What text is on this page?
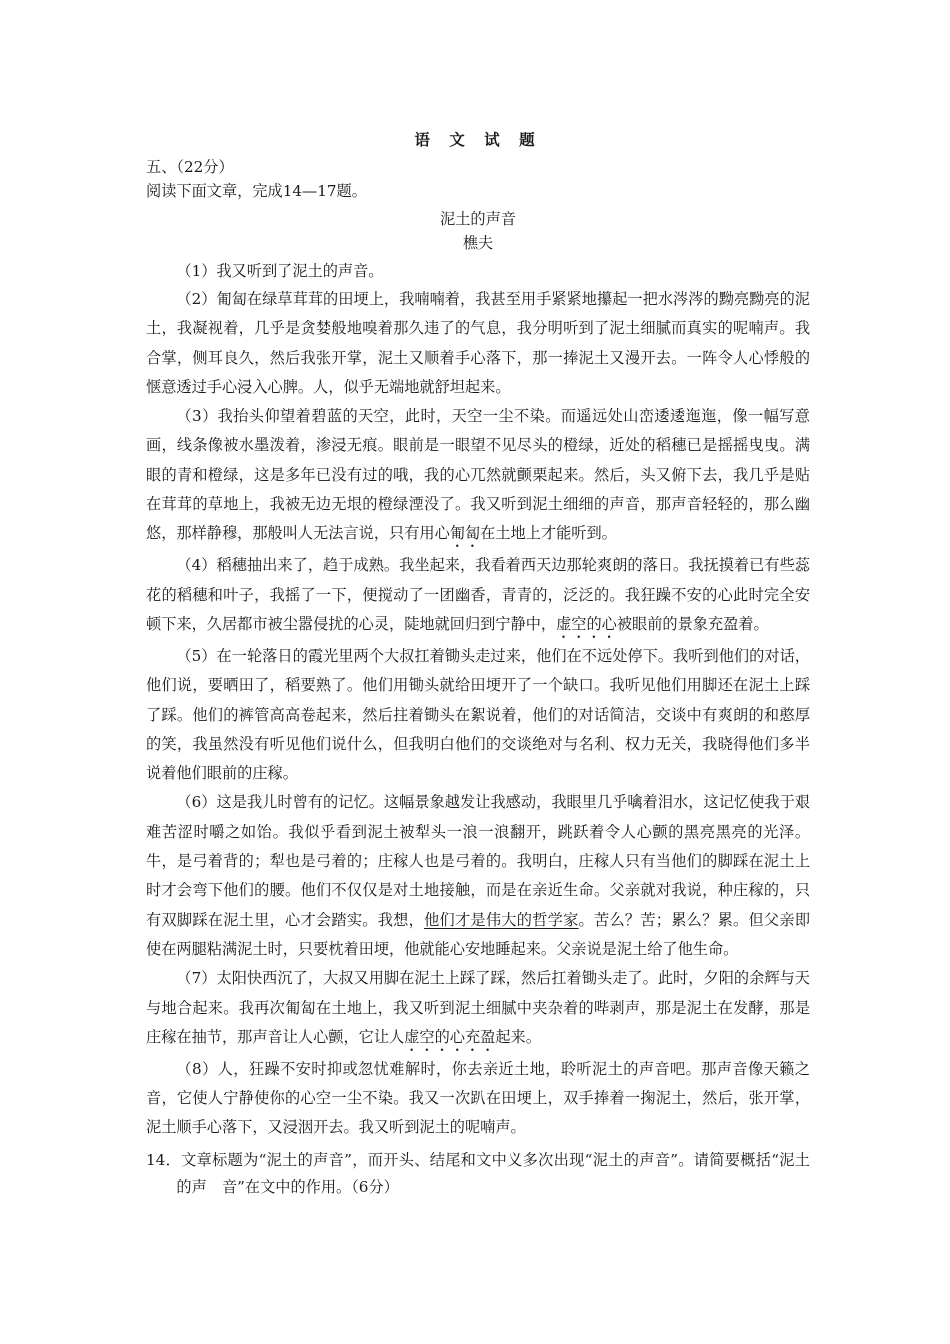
语 文 试 题

五、（22分）

阅读下面文章，完成14—17题。

泥土的声音

樵夫

（1）我又听到了泥土的声音。

（2）匍匐在绿草茸茸的田埂上，我喃喃着，我甚至用手紧紧地攥起一把水涔涔的黝亮黝亮的泥土，我凝视着，几乎是贪婪般地嗅着那久违了的气息，我分明听到了泥土细腻而真实的呢喃声。我合掌，侧耳良久，然后我张开掌，泥土又顺着手心落下，那一捧泥土又漫开去。一阵令人心悸般的惬意透过手心浸入心脾。人，似乎无端地就舒坦起来。

（3）我抬头仰望着碧蓝的天空，此时，天空一尘不染。而遥远处山峦逶逶迤迤，像一幅写意画，线条像被水墨泼着，渗浸无痕。眼前是一眼望不见尽头的橙绿，近处的稻穗已是摇摇曳曳。满眼的青和橙绿，这是多年已没有过的哦，我的心兀然就颤栗起来。然后，头又俯下去，我几乎是贴在茸茸的草地上，我被无边无垠的橙绿湮没了。我又听到泥土细细的声音，那声音轻轻的，那么幽悠，那样静穆，那般叫人无法言说，只有用心匍匐在土地上才能听到。

（4）稻穗抽出来了，趋于成熟。我坐起来，我看着西天边那轮爽朗的落日。我抚摸着已有些蕊花的稻穗和叶子，我摇了一下，便搅动了一团幽香，青青的，泛泛的。我狂躁不安的心此时完全安顿下来，久居都市被尘嚣侵扰的心灵，陡地就回归到宁静中，虚空的心被眼前的景象充盈着。

（5）在一轮落日的霞光里两个大叔扛着锄头走过来，他们在不远处停下。我听到他们的对话，他们说，要晒田了，稻要熟了。他们用锄头就给田埂开了一个缺口。我听见他们用脚还在泥土上踩了踩。他们的裤管高高卷起来，然后拄着锄头在絮说着，他们的对话简洁，交谈中有爽朗的和憨厚的笑，我虽然没有听见他们说什么，但我明白他们的交谈绝对与名利、权力无关，我晓得他们多半说着他们眼前的庄稼。

（6）这是我儿时曾有的记忆。这幅景象越发让我感动，我眼里几乎噙着泪水，这记忆使我于艰难苦涩时嚼之如饴。我似乎看到泥土被犁头一浪一浪翻开，跳跃着令人心颤的黑亮黑亮的光泽。牛，是弓着背的；犁也是弓着的；庄稼人也是弓着的。我明白，庄稼人只有当他们的脚踩在泥土上时才会弯下他们的腰。他们不仅仅是对土地接触，而是在亲近生命。父亲就对我说，种庄稼的，只有双脚踩在泥土里，心才会踏实。我想，他们才是伟大的哲学家。苦么？苦；累么？累。但父亲即使在两腿粘满泥土时，只要枕着田埂，他就能心安地睡起来。父亲说是泥土给了他生命。

（7）太阳快西沉了，大叔又用脚在泥土上踩了踩，然后扛着锄头走了。此时，夕阳的余辉与天与地合起来。我再次匍匐在土地上，我又听到泥土细腻中夹杂着的哔剥声，那是泥土在发酵，那是庄稼在抽节，那声音让人心颤，它让人虚空的心充盈起来。

（8）人，狂躁不安时抑或忽忧难解时，你去亲近土地，聆听泥土的声音吧。那声音像天籁之音，它使人宁静使你的心空一尘不染。我又一次趴在田埂上，双手捧着一掬泥土，然后，张开掌，泥土顺手心落下，又浸洇开去。我又听到泥土的呢喃声。

14．文章标题为“泥土的声音”，而开头、结尾和文中义多次出现“泥土的声音”。请简要概括“泥土的声　音”在文中的作用。（6分）
